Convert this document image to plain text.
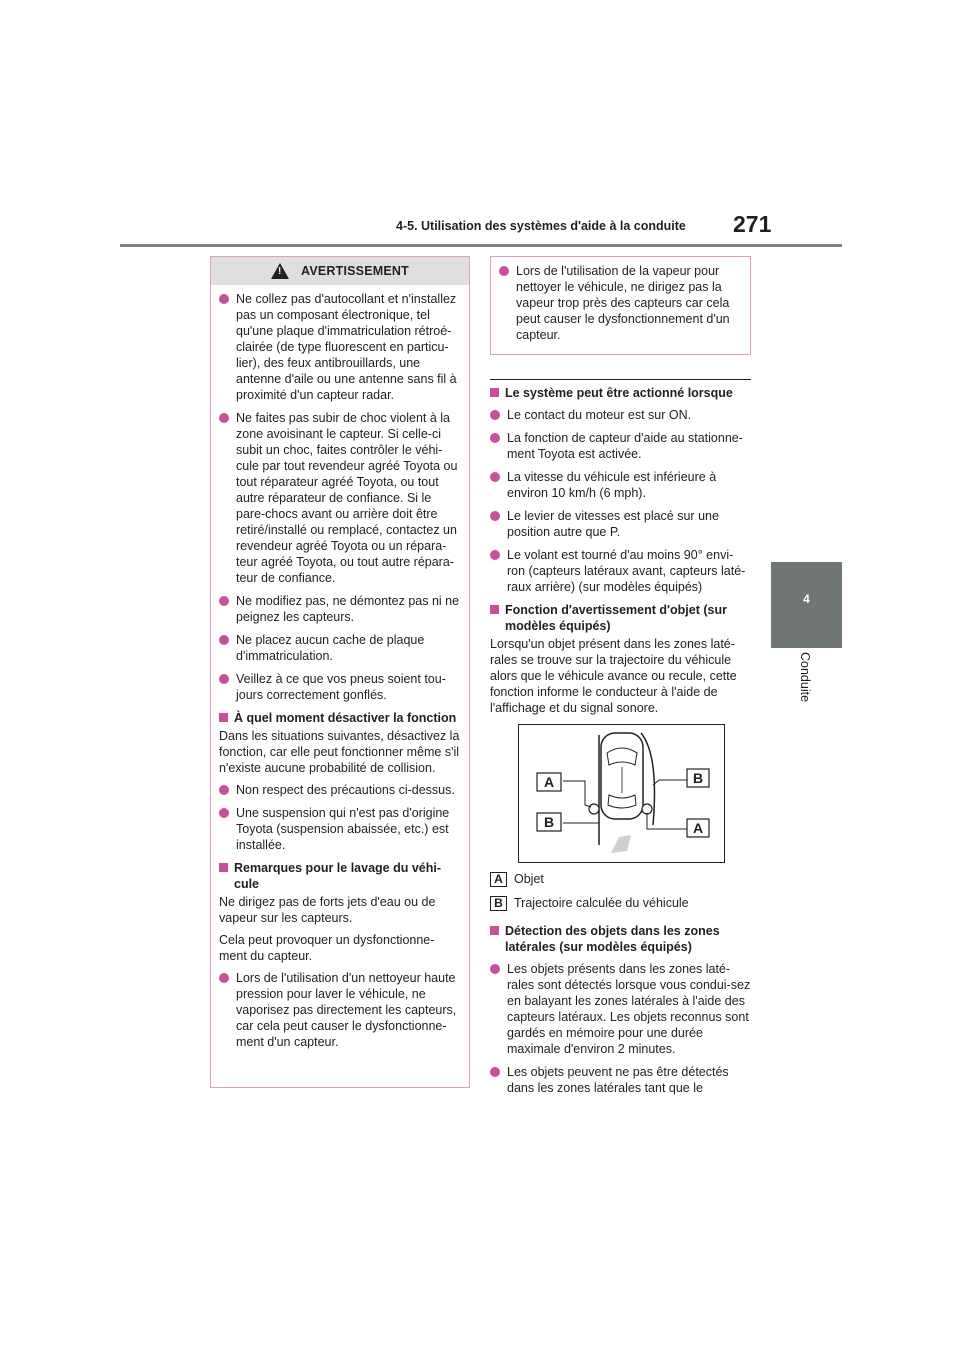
4-5. Utilisation des systèmes d'aide à la conduite 271
4
Conduite
! AVERTISSEMENT
Ne collez pas d'autocollant et n'installez pas un composant électronique, tel qu'une plaque d'immatriculation rétroé-clairée (de type fluorescent en particu-lier), des feux antibrouillards, une antenne d'aile ou une antenne sans fil à proximité d'un capteur radar.
Ne faites pas subir de choc violent à la zone avoisinant le capteur. Si celle-ci subit un choc, faites contrôler le véhi-cule par tout revendeur agréé Toyota ou tout réparateur agréé Toyota, ou tout autre réparateur de confiance. Si le pare-chocs avant ou arrière doit être retiré/installé ou remplacé, contactez un revendeur agréé Toyota ou un répara-teur agréé Toyota, ou tout autre répara-teur de confiance.
Ne modifiez pas, ne démontez pas ni ne peignez les capteurs.
Ne placez aucun cache de plaque d'immatriculation.
Veillez à ce que vos pneus soient tou-jours correctement gonflés.
À quel moment désactiver la fonction

Dans les situations suivantes, désactivez la fonction, car elle peut fonctionner même s'il n'existe aucune probabilité de collision.

Non respect des précautions ci-dessus.
Une suspension qui n'est pas d'origine Toyota (suspension abaissée, etc.) est installée.
Remarques pour le lavage du véhi-cule

Ne dirigez pas de forts jets d'eau ou de vapeur sur les capteurs.

Cela peut provoquer un dysfonctionne-ment du capteur.

Lors de l'utilisation d'un nettoyeur haute pression pour laver le véhicule, ne vaporisez pas directement les capteurs, car cela peut causer le dysfonctionne-ment d'un capteur.
Lors de l'utilisation de la vapeur pour nettoyer le véhicule, ne dirigez pas la vapeur trop près des capteurs car cela peut causer le dysfonctionnement d'un capteur.
Le système peut être actionné lorsque
Le contact du moteur est sur ON.
La fonction de capteur d'aide au stationne-ment Toyota est activée.
La vitesse du véhicule est inférieure à environ 10 km/h (6 mph).
Le levier de vitesses est placé sur une position autre que P.
Le volant est tourné d'au moins 90° envi-ron (capteurs latéraux avant, capteurs laté-raux arrière) (sur modèles équipés)
Fonction d'avertissement d'objet (sur modèles équipés)

Lorsqu'un objet présent dans les zones laté-rales se trouve sur la trajectoire du véhicule alors que le véhicule avance ou recule, cette fonction informe le conducteur à l'aide de l'affichage et du signal sonore.

A	B
B	A
A Objet
B Trajectoire calculée du véhicule
Détection des objets dans les zones latérales (sur modèles équipés)
Les objets présents dans les zones laté-rales sont détectés lorsque vous condui-sez en balayant les zones latérales à l'aide des capteurs latéraux. Les objets reconnus sont gardés en mémoire pour une durée maximale d'environ 2 minutes.
Les objets peuvent ne pas être détectés dans les zones latérales tant que le
